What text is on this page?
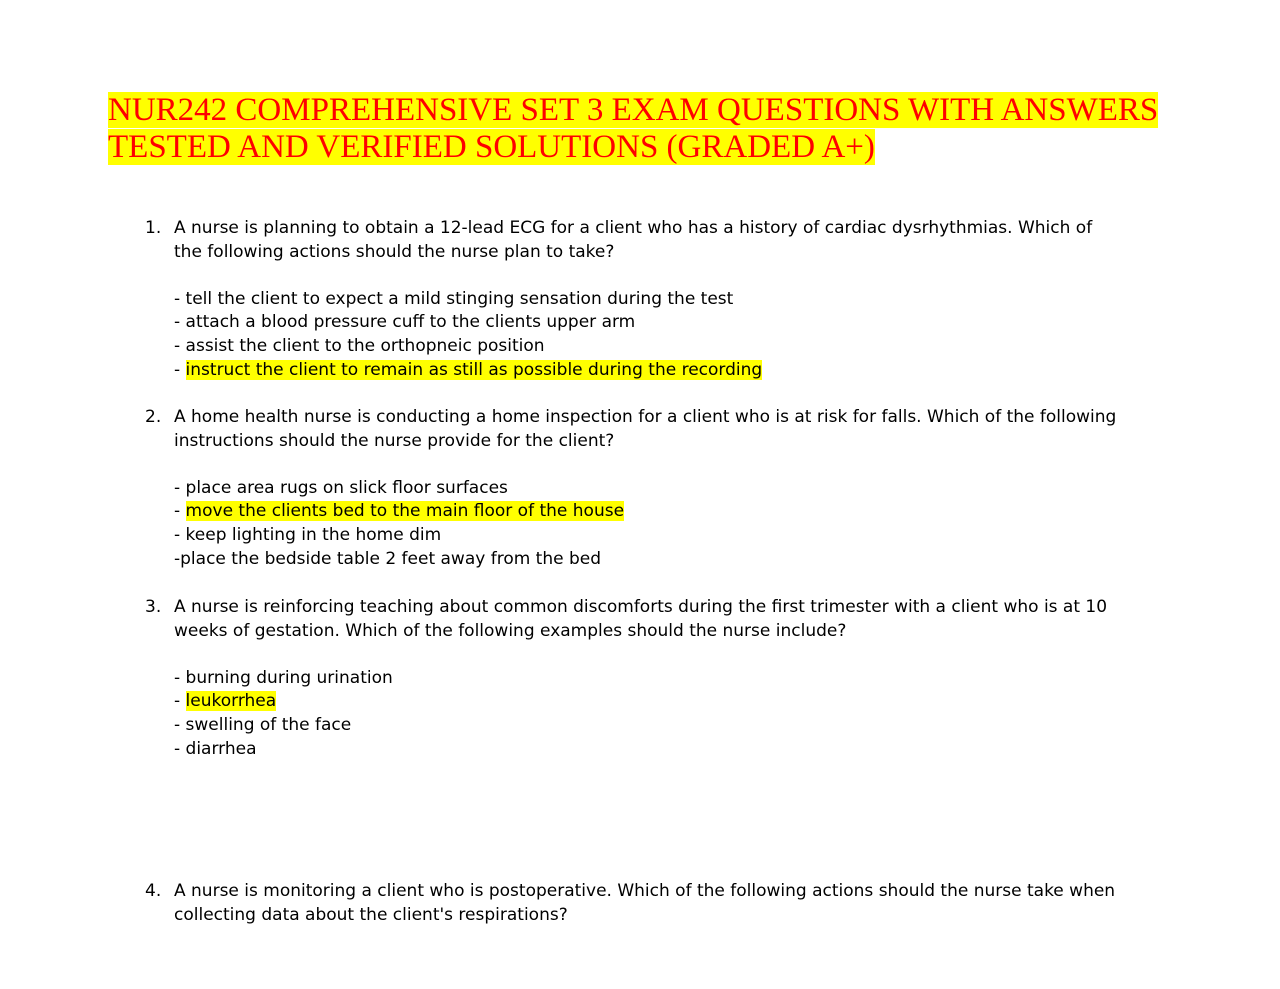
NUR242 COMPREHENSIVE SET 3 EXAM QUESTIONS WITH ANSWERS
TESTED AND VERIFIED SOLUTIONS (GRADED A+)
1. A nurse is planning to obtain a 12-lead ECG for a client who has a history of cardiac dysrhythmias. Which of the following actions should the nurse plan to take?
- tell the client to expect a mild stinging sensation during the test
- attach a blood pressure cuff to the clients upper arm
- assist the client to the orthopneic position
- instruct the client to remain as still as possible during the recording
2. A home health nurse is conducting a home inspection for a client who is at risk for falls. Which of the following instructions should the nurse provide for the client?
- place area rugs on slick floor surfaces
- move the clients bed to the main floor of the house
- keep lighting in the home dim
-place the bedside table 2 feet away from the bed
3. A nurse is reinforcing teaching about common discomforts during the first trimester with a client who is at 10 weeks of gestation. Which of the following examples should the nurse include?
- burning during urination
- leukorrhea
- swelling of the face
- diarrhea
4. A nurse is monitoring a client who is postoperative. Which of the following actions should the nurse take when collecting data about the client's respirations?
